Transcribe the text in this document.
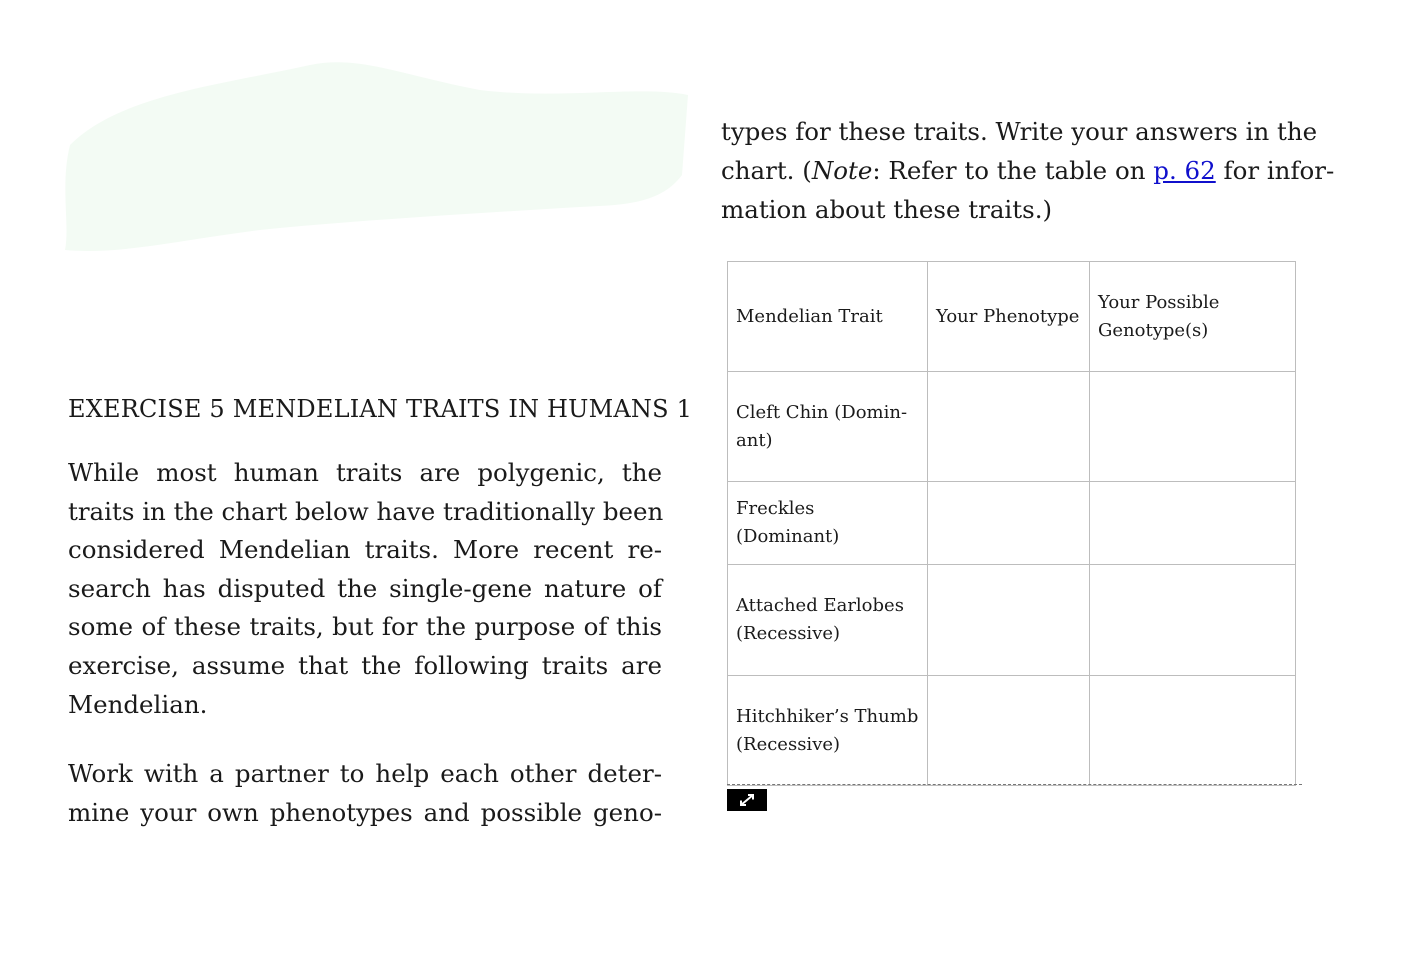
EXERCISE 5 MENDELIAN TRAITS IN HUMANS 1

While most human traits are polygenic, the
traits in the chart below have traditionally been
considered Mendelian traits. More recent re-
search has disputed the single-gene nature of
some of these traits, but for the purpose of this
exercise, assume that the following traits are
Mendelian.

Work with a partner to help each other deter-
mine your own phenotypes and possible geno-

types for these traits. Write your answers in the
chart. (Note: Refer to the table on p. 62 for infor-
mation about these traits.)

Mendelian Trait	Your Phenotype	Your Possible Genotype(s)
Cleft Chin (Domin-ant)		
Freckles (Dominant)		
Attached Earlobes (Recessive)		
Hitchhiker’s Thumb (Recessive)		
